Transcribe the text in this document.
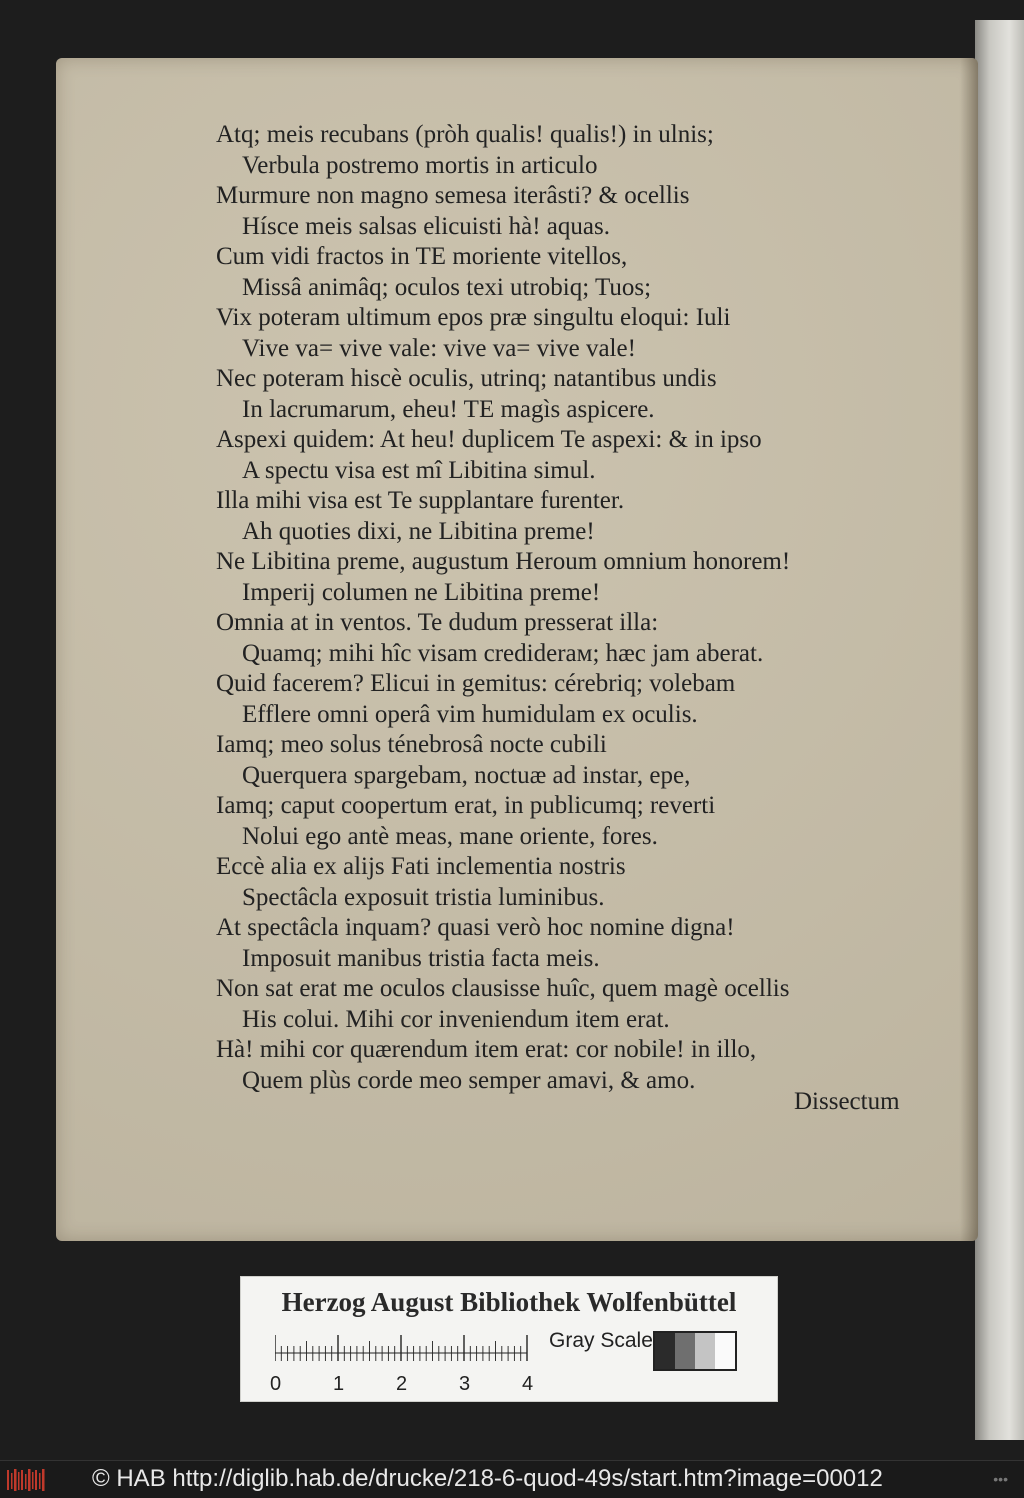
Atq; meis recubans (pròh qualis! qualis!) in ulnis;
Verbula postremo mortis in articulo
Murmure non magno semesa iterâsti? & ocellis
Hísce meis salsas elicuisti hà! aquas.
Cum vidi fractos in TE moriente vitellos,
Missâ animâq; oculos texi utrobiq; Tuos;
Vix poteram ultimum epos præ singultu eloqui: Iuli
Vive va= vive vale: vive va= vive vale!
Nec poteram hiscè oculis, utrinq; natantibus undis
In lacrumarum, eheu! TE magìs aspicere.
Aspexi quidem: At heu! duplicem Te aspexi: & in ipso
A spectu visa est mî Libitina simul.
Illa mihi visa est Te supplantare furenter.
Ah quoties dixi, ne Libitina preme!
Ne Libitina preme, augustum Heroum omnium honorem!
Imperij columen ne Libitina preme!
Omnia at in ventos. Te dudum presserat illa:
Quamq; mihi hîc visam crediderам; hæc jam aberat.
Quid facerem? Elicui in gemitus: cérebriq; volebam
Efflere omni operâ vim humidulam ex oculis.
Iamq; meo solus ténebrosâ nocte cubili
Querquera spargebam, noctuæ ad instar, epe,
Iamq; caput coopertum erat, in publicumq; reverti
Nolui ego antè meas, mane oriente, fores.
Eccè alia ex alijs Fati inclementia nostris
Spectâcla exposuit tristia luminibus.
At spectâcla inquam? quasi verò hoc nomine digna!
Imposuit manibus tristia facta meis.
Non sat erat me oculos clausisse huîc, quem magè ocellis
His colui. Mihi cor inveniendum item erat.
Hà! mihi cor quærendum item erat: cor nobile! in illo,
Quem plùs corde meo semper amavi, & amo.
Dissectum
Herzog August Bibliothek Wolfenbüttel
Gray Scale
0	1	2	3	4
© HAB http://diglib.hab.de/drucke/218-6-quod-49s/start.htm?image=00012	•••
